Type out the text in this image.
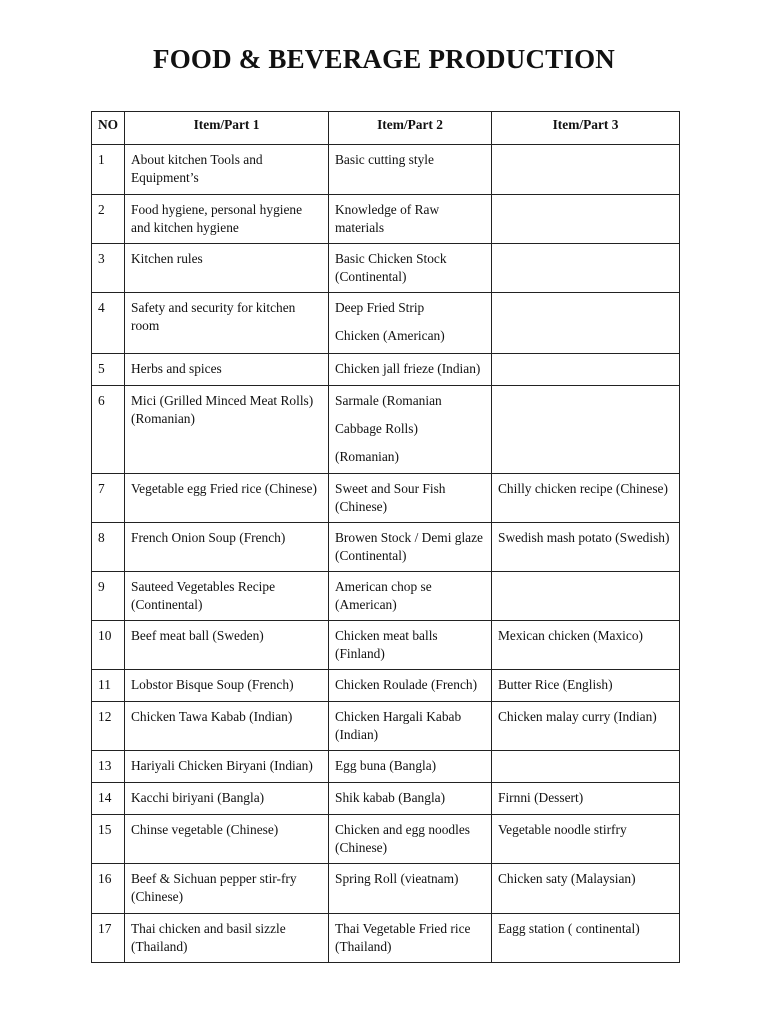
FOOD & BEVERAGE PRODUCTION
NO	Item/Part 1	Item/Part 2	Item/Part 3
1	About kitchen Tools and Equipment’s	Basic cutting style	

2	Food hygiene, personal hygiene and kitchen hygiene	Knowledge of Raw materials	

3	Kitchen rules	Basic Chicken Stock (Continental)	

4	Safety and security for kitchen room	Deep Fried Strip
Chicken (American)	

5	Herbs and spices	Chicken jall frieze (Indian)	

6	Mici (Grilled Minced Meat Rolls) (Romanian)	Sarmale (Romanian
Cabbage Rolls)
(Romanian)	

7	Vegetable egg Fried rice (Chinese)	Sweet and Sour Fish (Chinese)	Chilly chicken recipe (Chinese)

8	French Onion Soup (French)	Browen Stock / Demi glaze (Continental)	Swedish mash potato (Swedish)

9	Sauteed Vegetables Recipe (Continental)	American chop se (American)	

10	Beef meat ball (Sweden)	Chicken meat balls (Finland)	Mexican chicken (Maxico)

11	Lobstor Bisque Soup (French)	Chicken Roulade (French)	Butter Rice (English)

12	Chicken Tawa Kabab (Indian)	Chicken Hargali Kabab (Indian)	Chicken malay curry (Indian)

13	Hariyali Chicken Biryani (Indian)	Egg buna (Bangla)	

14	Kacchi biriyani (Bangla)	Shik kabab (Bangla)	Firnni (Dessert)

15	Chinse vegetable (Chinese)	Chicken and egg noodles (Chinese)	Vegetable noodle stirfry

16	Beef & Sichuan pepper stir-fry (Chinese)	Spring Roll (vieatnam)	Chicken saty (Malaysian)

17	Thai chicken and basil sizzle (Thailand)	Thai Vegetable Fried rice (Thailand)	Eagg station ( continental)
